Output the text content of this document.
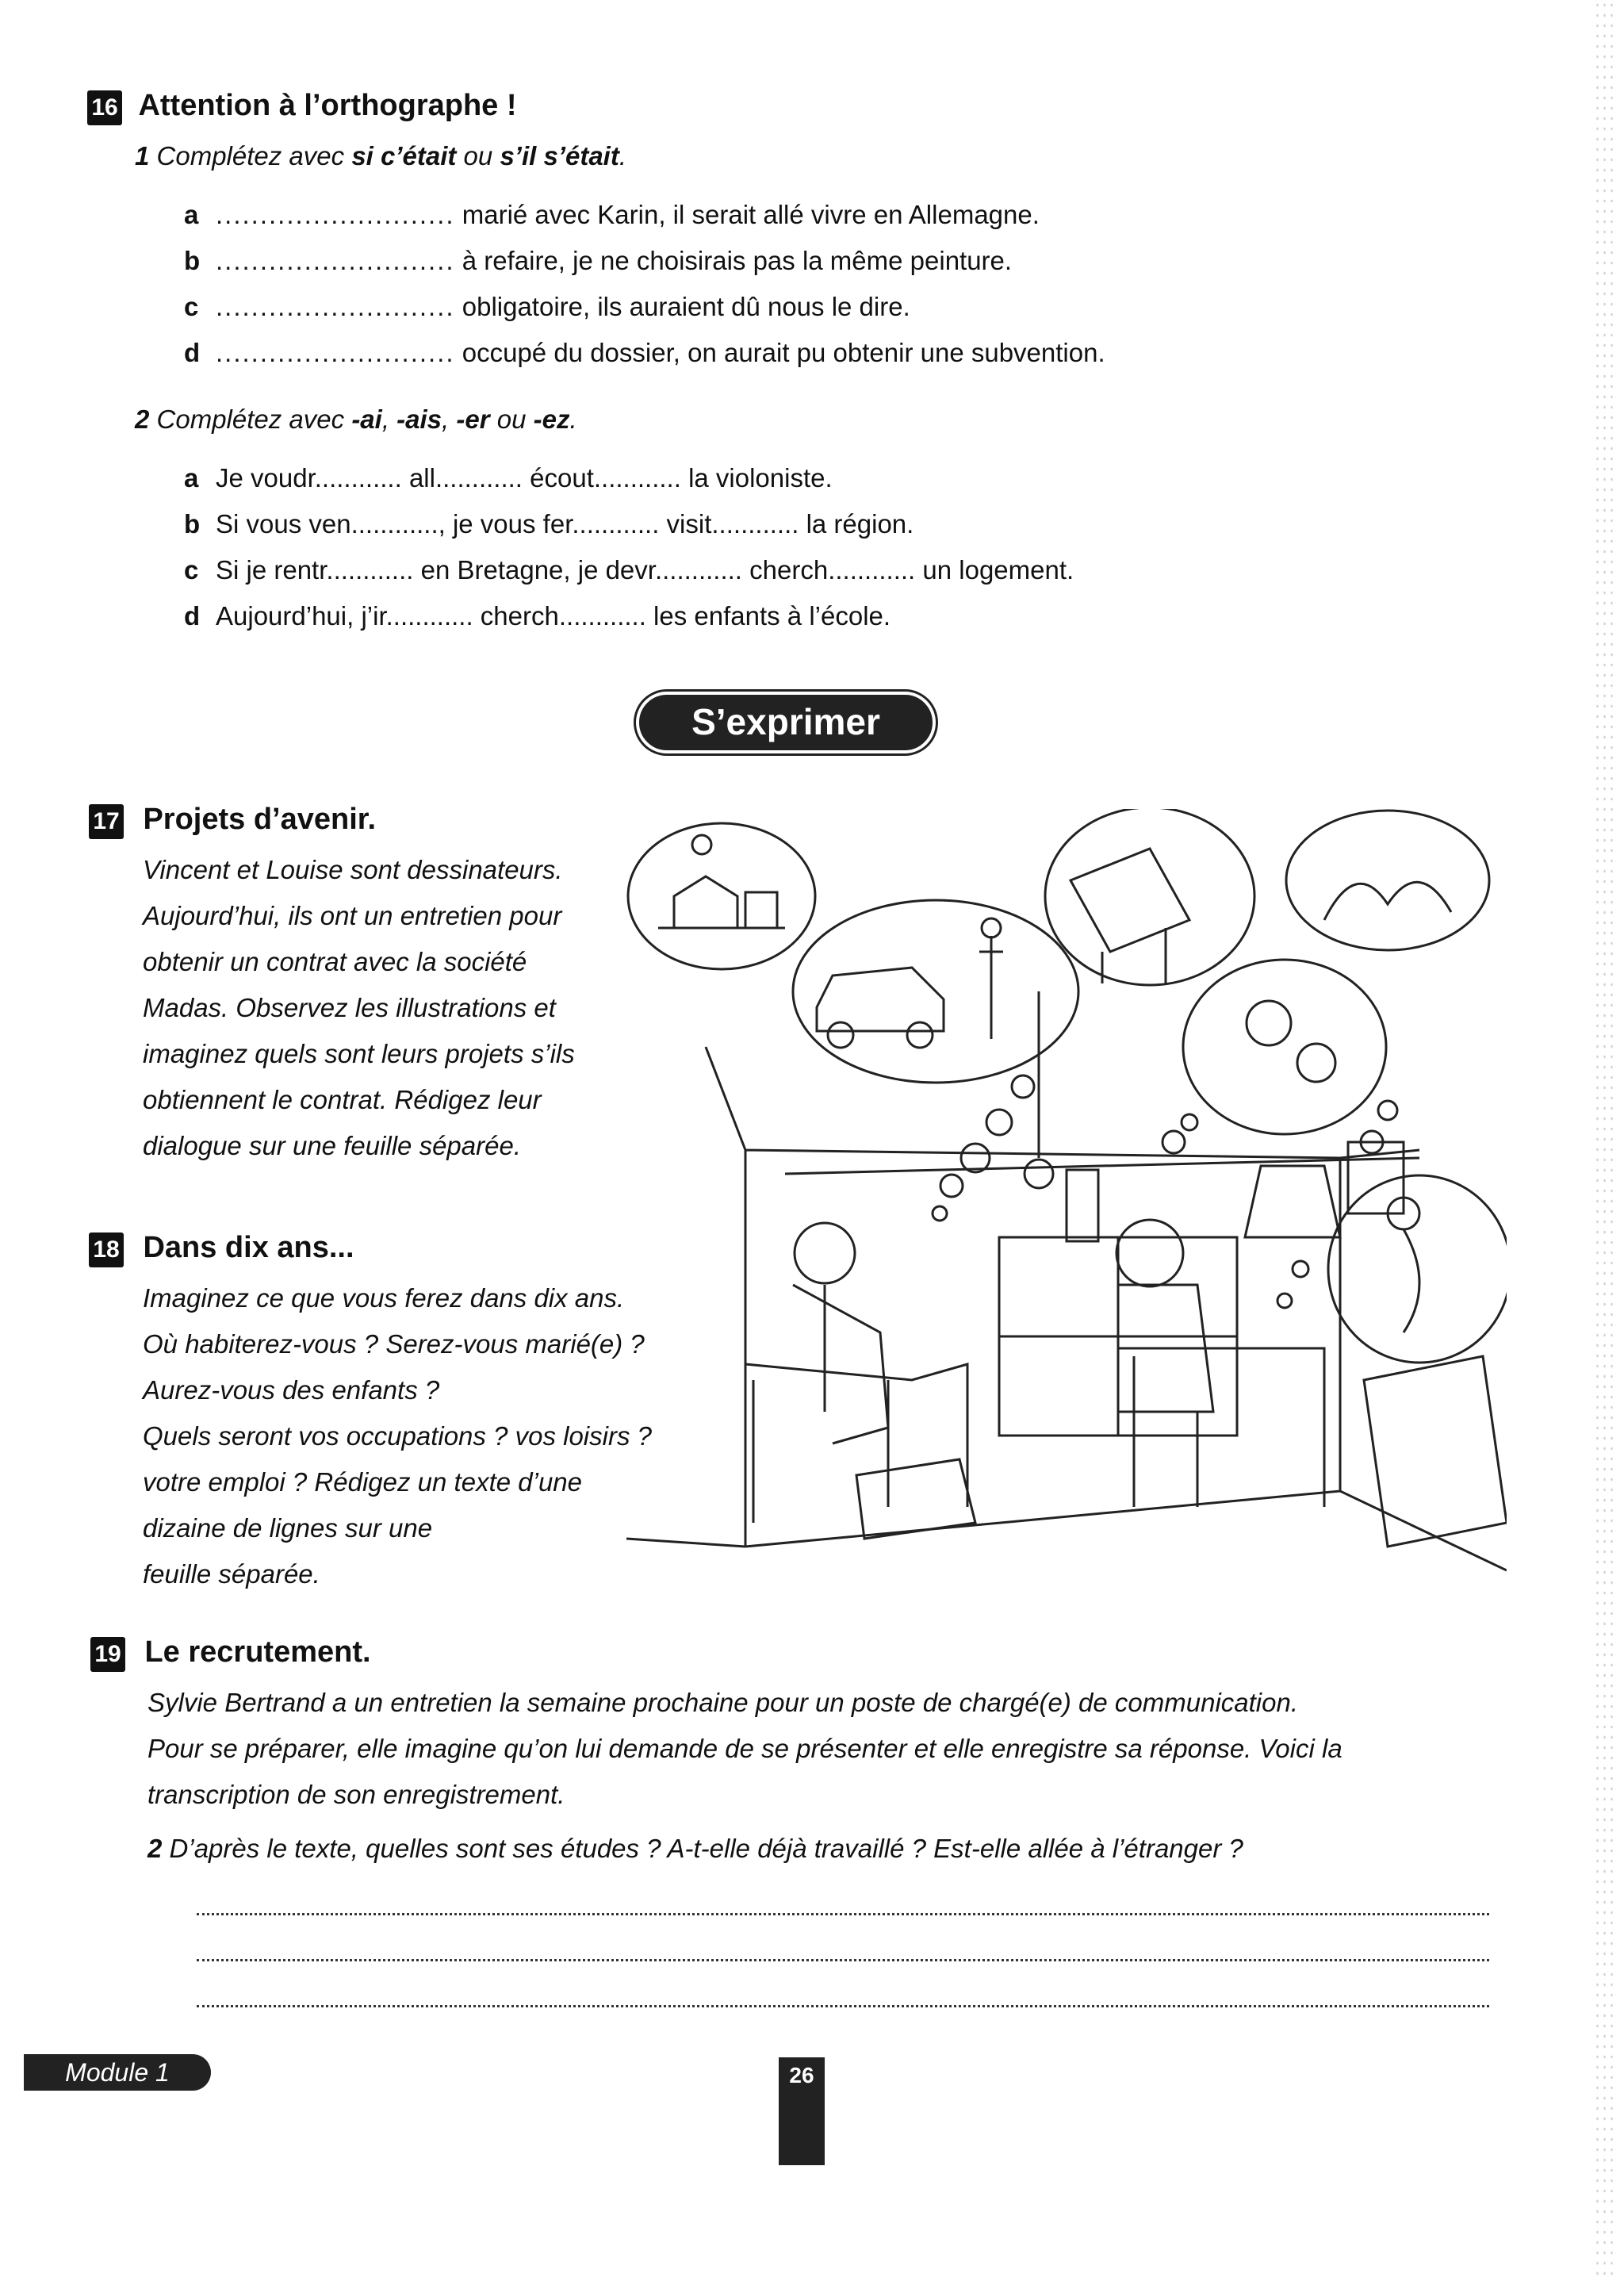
16 Attention à l’orthographe !
1 Complétez avec si c’était ou s’il s’était.
a ........................... marié avec Karin, il serait allé vivre en Allemagne.
b ........................... à refaire, je ne choisirais pas la même peinture.
c ........................... obligatoire, ils auraient dû nous le dire.
d ........................... occupé du dossier, on aurait pu obtenir une subvention.
2 Complétez avec -ai, -ais, -er ou -ez.
a Je voudr............ all............ écout............ la violoniste.
b Si vous ven............, je vous fer............ visit............ la région.
c Si je rentr............ en Bretagne, je devr............ cherch............ un logement.
d Aujourd’hui, j’ir............ cherch............ les enfants à l’école.
S’exprimer
17 Projets d’avenir.
Vincent et Louise sont dessinateurs.
Aujourd’hui, ils ont un entretien pour
obtenir un contrat avec la société
Madas. Observez les illustrations et
imaginez quels sont leurs projets s’ils
obtiennent le contrat. Rédigez leur
dialogue sur une feuille séparée.
18 Dans dix ans...
Imaginez ce que vous ferez dans dix ans.
Où habiterez-vous ? Serez-vous marié(e) ?
Aurez-vous des enfants ?
Quels seront vos occupations ? vos loisirs ?
votre emploi ? Rédigez un texte d’une
dizaine de lignes sur une
feuille séparée.
19 Le recrutement.
Sylvie Bertrand a un entretien la semaine prochaine pour un poste de chargé(e) de communication.
Pour se préparer, elle imagine qu’on lui demande de se présenter et elle enregistre sa réponse. Voici la
transcription de son enregistrement.
2 D’après le texte, quelles sont ses études ? A-t-elle déjà travaillé ? Est-elle allée à l’étranger ?
Module 1	26
